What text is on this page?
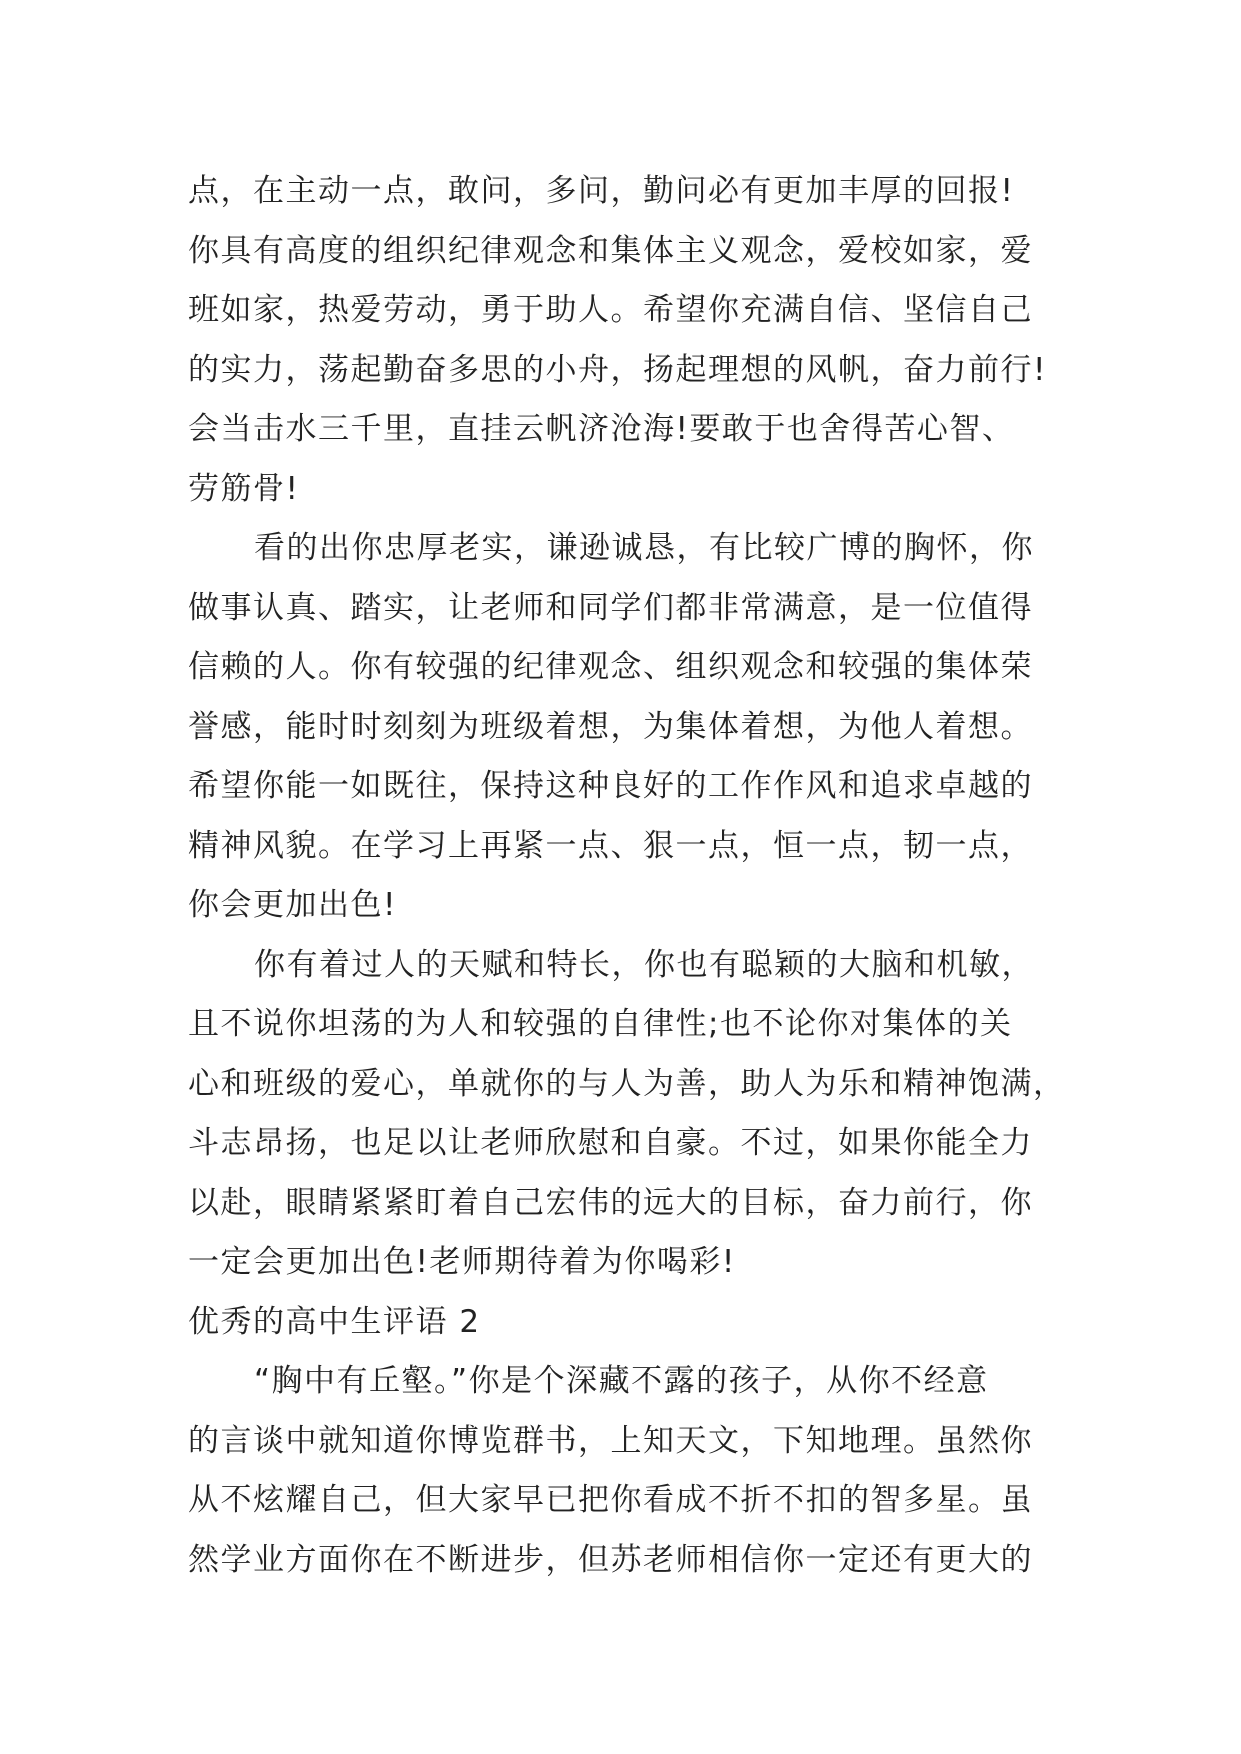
点，在主动一点，敢问，多问，勤问必有更加丰厚的回报!
你具有高度的组织纪律观念和集体主义观念，爱校如家，爱
班如家，热爱劳动，勇于助人。希望你充满自信、坚信自己
的实力，荡起勤奋多思的小舟，扬起理想的风帆，奋力前行!
会当击水三千里，直挂云帆济沧海!要敢于也舍得苦心智、
劳筋骨!
看的出你忠厚老实，谦逊诚恳，有比较广博的胸怀，你
做事认真、踏实，让老师和同学们都非常满意，是一位值得
信赖的人。你有较强的纪律观念、组织观念和较强的集体荣
誉感，能时时刻刻为班级着想，为集体着想，为他人着想。
希望你能一如既往，保持这种良好的工作作风和追求卓越的
精神风貌。在学习上再紧一点、狠一点，恒一点，韧一点，
你会更加出色!
你有着过人的天赋和特长，你也有聪颖的大脑和机敏，
且不说你坦荡的为人和较强的自律性;也不论你对集体的关
心和班级的爱心，单就你的与人为善，助人为乐和精神饱满，
斗志昂扬，也足以让老师欣慰和自豪。不过，如果你能全力
以赴，眼睛紧紧盯着自己宏伟的远大的目标，奋力前行，你
一定会更加出色!老师期待着为你喝彩!
优秀的高中生评语 2
“胸中有丘壑。”你是个深藏不露的孩子，从你不经意
的言谈中就知道你博览群书，上知天文，下知地理。虽然你
从不炫耀自己，但大家早已把你看成不折不扣的智多星。虽
然学业方面你在不断进步，但苏老师相信你一定还有更大的
